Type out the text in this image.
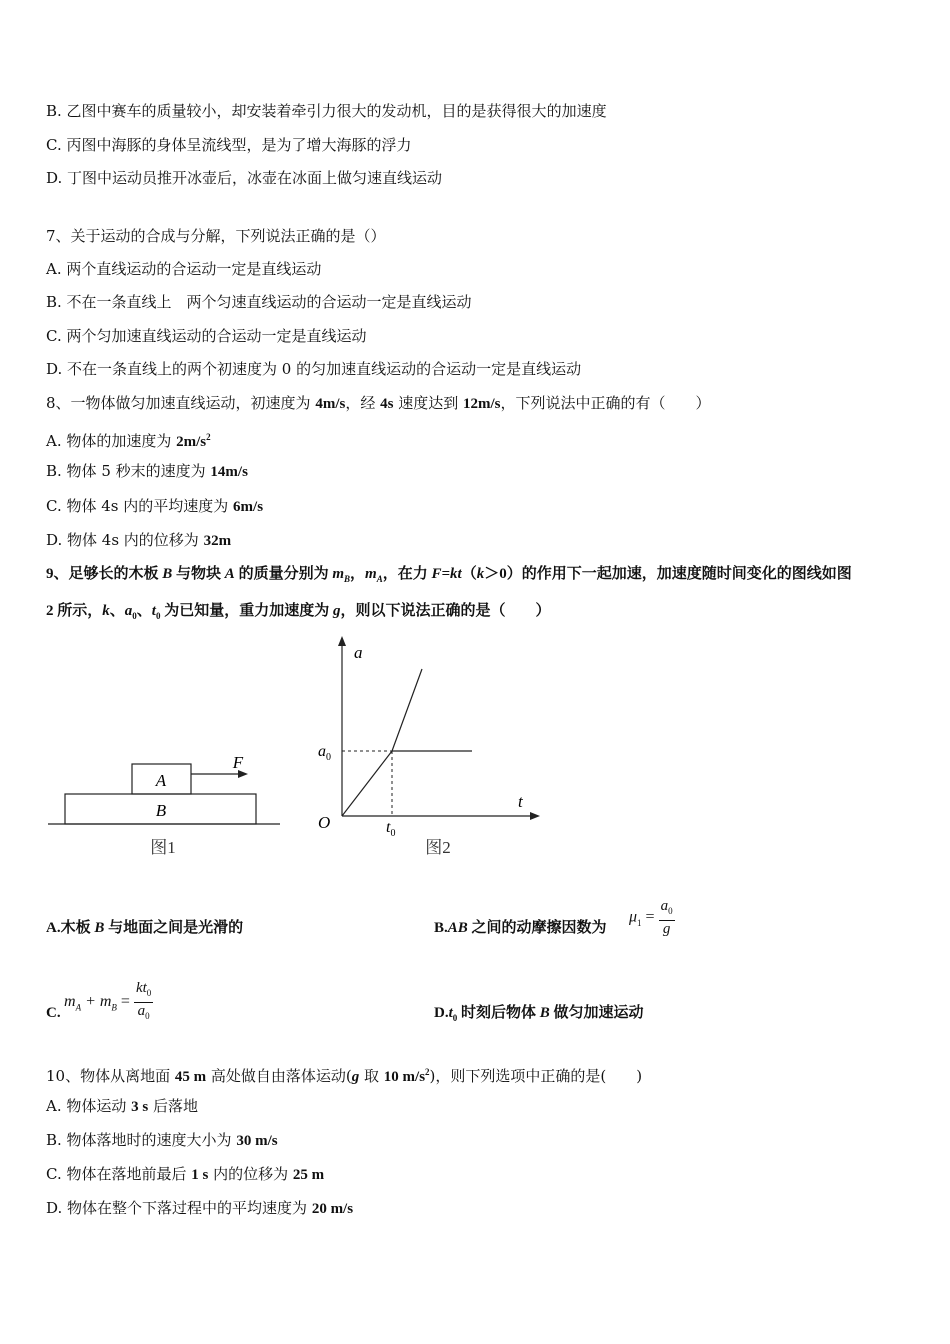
B. 乙图中赛车的质量较小，却安装着牵引力很大的发动机，目的是获得很大的加速度
C. 丙图中海豚的身体呈流线型，是为了增大海豚的浮力
D. 丁图中运动员推开冰壶后，冰壶在冰面上做匀速直线运动
7、关于运动的合成与分解，下列说法正确的是（）
A. 两个直线运动的合运动一定是直线运动
B. 不在一条直线上　两个匀速直线运动的合运动一定是直线运动
C. 两个匀加速直线运动的合运动一定是直线运动
D. 不在一条直线上的两个初速度为 0 的匀加速直线运动的合运动一定是直线运动
8、一物体做匀加速直线运动，初速度为 4m/s，经 4s 速度达到 12m/s，下列说法中正确的有（　　）
A. 物体的加速度为 $2m/s^2$
B. 物体 5 秒末的速度为 14m/s
C. 物体 4s 内的平均速度为 6m/s
D. 物体 4s 内的位移为 32m
9、足够长的木板 B 与物块 A 的质量分别为 $m_B$，$m_A$，在力 F=kt（k＞0）的作用下一起加速，加速度随时间变化的图线如图
2 所示，k、$a_0$、$t_0$ 为已知量，重力加速度为 g，则以下说法正确的是（　　）
A
B
F
图1
a
t
O
$a_0$
$t_0$
图2
A.木板 B 与地面之间是光滑的	B.AB 之间的动摩擦因数为
$\mu_1 = \frac{a_0}{g}$
C.
$m_A + m_B = \frac{kt_0}{a_0}$	$D.t_0$ 时刻后物体 B 做匀加速运动
10、物体从离地面 45 m 高处做自由落体运动(g 取 10 $m/s^2$)，则下列选项中正确的是(　　)
A. 物体运动 3 s 后落地
B. 物体落地时的速度大小为 30 m/s
C. 物体在落地前最后 1 s 内的位移为 25 m
D. 物体在整个下落过程中的平均速度为 20 m/s
